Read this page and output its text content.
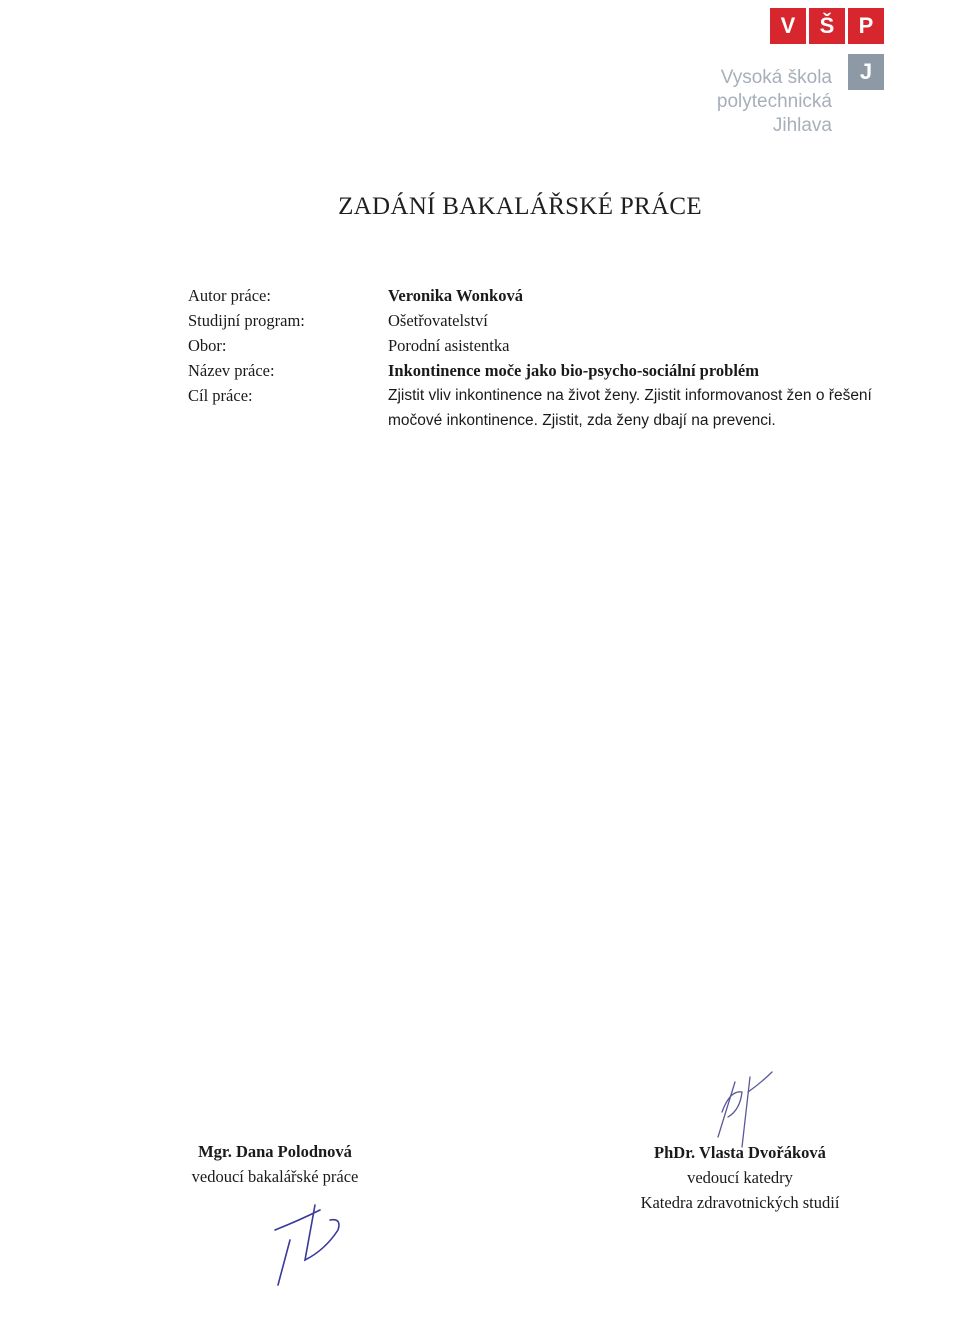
V	Š	P
J
Vysoká škola
polytechnická
Jihlava
ZADÁNÍ BAKALÁŘSKÉ PRÁCE
Autor práce:	Veronika Wonková
Studijní program:	Ošetřovatelství
Obor:	Porodní asistentka
Název práce:	Inkontinence moče jako bio-psycho-sociální problém
Cíl práce:	Zjistit vliv inkontinence na život ženy. Zjistit informovanost žen o řešení močové inkontinence. Zjistit, zda ženy dbají na prevenci.
Mgr. Dana Polodnová
vedoucí bakalářské práce
PhDr. Vlasta Dvořáková
vedoucí katedry
Katedra zdravotnických studií
